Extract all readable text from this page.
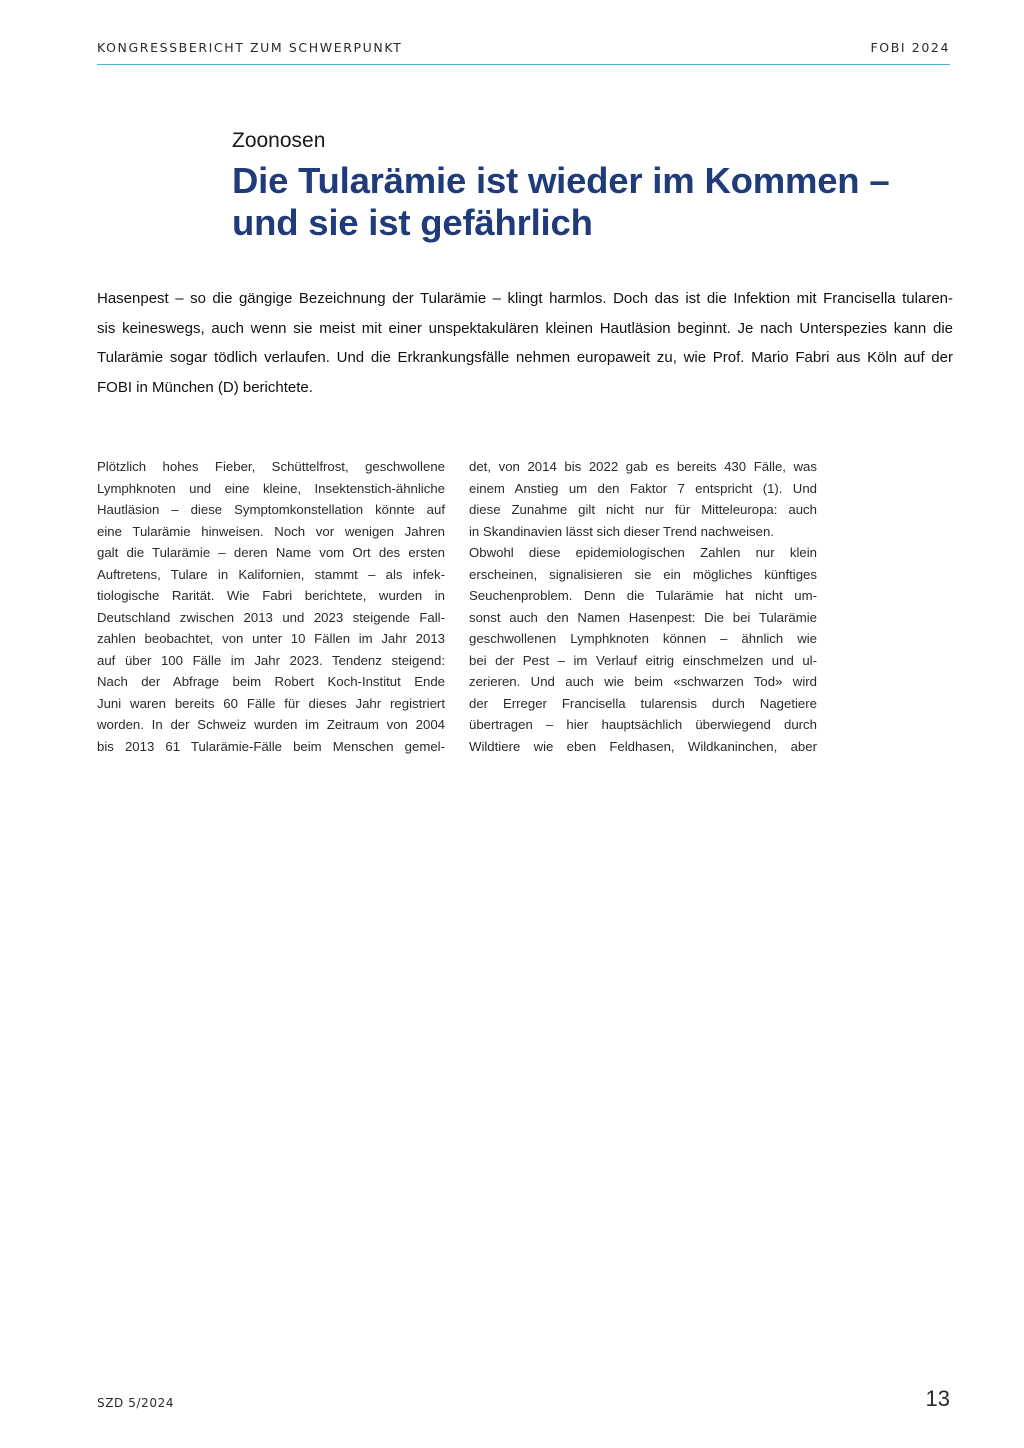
KONGRESSBERICHT ZUM SCHWERPUNKT	FOBI 2024
Zoonosen
Die Tularämie ist wieder im Kommen –
und sie ist gefährlich

Hasenpest – so die gängige Bezeichnung der Tularämie – klingt harmlos. Doch das ist die Infektion mit Francisella tularen-
sis keineswegs, auch wenn sie meist mit einer unspektakulären kleinen Hautläsion beginnt. Je nach Unterspezies kann die
Tularämie sogar tödlich verlaufen. Und die Erkrankungsfälle nehmen europaweit zu, wie Prof. Mario Fabri aus Köln auf der
FOBI in München (D) berichtete.

Plötzlich hohes Fieber, Schüttelfrost, geschwollene
Lymphknoten und eine kleine, Insektenstich-ähnliche
Hautläsion – diese Symptomkonstellation könnte auf
eine Tularämie hinweisen. Noch vor wenigen Jahren
galt die Tularämie – deren Name vom Ort des ersten
Auftretens, Tulare in Kalifornien, stammt – als infek-
tiologische Rarität. Wie Fabri berichtete, wurden in
Deutschland zwischen 2013 und 2023 steigende Fall-
zahlen beobachtet, von unter 10 Fällen im Jahr 2013
auf über 100 Fälle im Jahr 2023. Tendenz steigend:
Nach der Abfrage beim Robert Koch-Institut Ende
Juni waren bereits 60 Fälle für dieses Jahr registriert
worden. In der Schweiz wurden im Zeitraum von 2004
bis 2013 61 Tularämie-Fälle beim Menschen gemel-
det, von 2014 bis 2022 gab es bereits 430 Fälle, was
einem Anstieg um den Faktor 7 entspricht (1). Und
diese Zunahme gilt nicht nur für Mitteleuropa: auch
in Skandinavien lässt sich dieser Trend nachweisen.
Obwohl diese epidemiologischen Zahlen nur klein
erscheinen, signalisieren sie ein mögliches künftiges
Seuchenproblem. Denn die Tularämie hat nicht um-
sonst auch den Namen Hasenpest: Die bei Tularämie
geschwollenen Lymphknoten können – ähnlich wie
bei der Pest – im Verlauf eitrig einschmelzen und ul-
zerieren. Und auch wie beim «schwarzen Tod» wird
der Erreger Francisella tularensis durch Nagetiere
übertragen – hier hauptsächlich überwiegend durch
Wildtiere wie eben Feldhasen, Wildkaninchen, aber
SZD 5/2024	13
